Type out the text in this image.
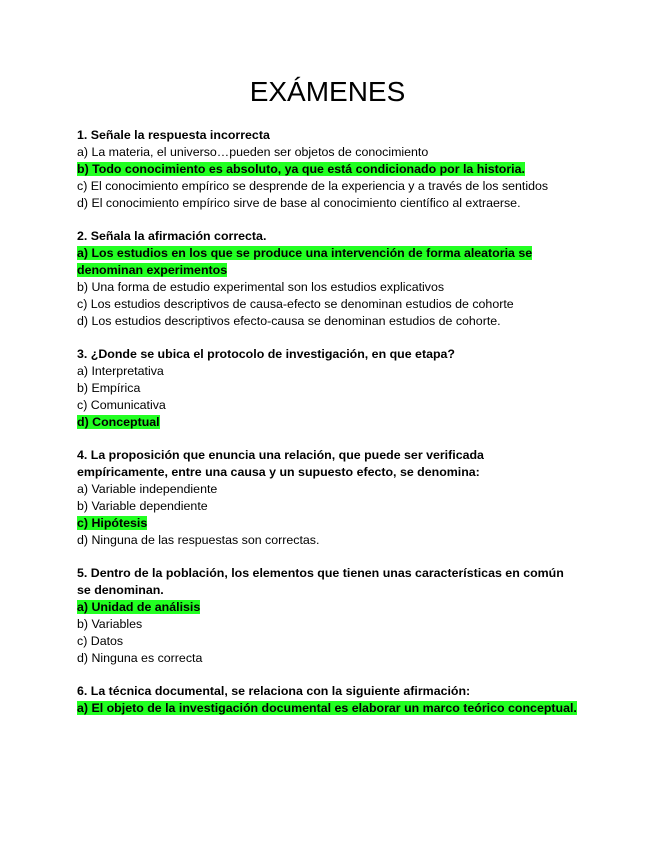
EXÁMENES

1. Señale la respuesta incorrecta

a) La materia, el universo…pueden ser objetos de conocimiento

b) Todo conocimiento es absoluto, ya que está condicionado por la historia.

c) El conocimiento empírico se desprende de la experiencia y a través de los sentidos

d) El conocimiento empírico sirve de base al conocimiento científico al extraerse.

2. Señala la afirmación correcta.

a) Los estudios en los que se produce una intervención de forma aleatoria se denominan experimentos

b) Una forma de estudio experimental son los estudios explicativos

c) Los estudios descriptivos de causa-efecto se denominan estudios de cohorte

d) Los estudios descriptivos efecto-causa se denominan estudios de cohorte.

3. ¿Donde se ubica el protocolo de investigación, en que etapa?

a) Interpretativa

b) Empírica

c) Comunicativa

d) Conceptual

4. La proposición que enuncia una relación, que puede ser verificada empíricamente, entre una causa y un supuesto efecto, se denomina:

a) Variable independiente

b) Variable dependiente

c) Hipótesis

d) Ninguna de las respuestas son correctas.

5. Dentro de la población, los elementos que tienen unas características en común se denominan.

a) Unidad de análisis

b) Variables

c) Datos

d) Ninguna es correcta

6. La técnica documental, se relaciona con la siguiente afirmación:

a) El objeto de la investigación documental es elaborar un marco teórico conceptual.
